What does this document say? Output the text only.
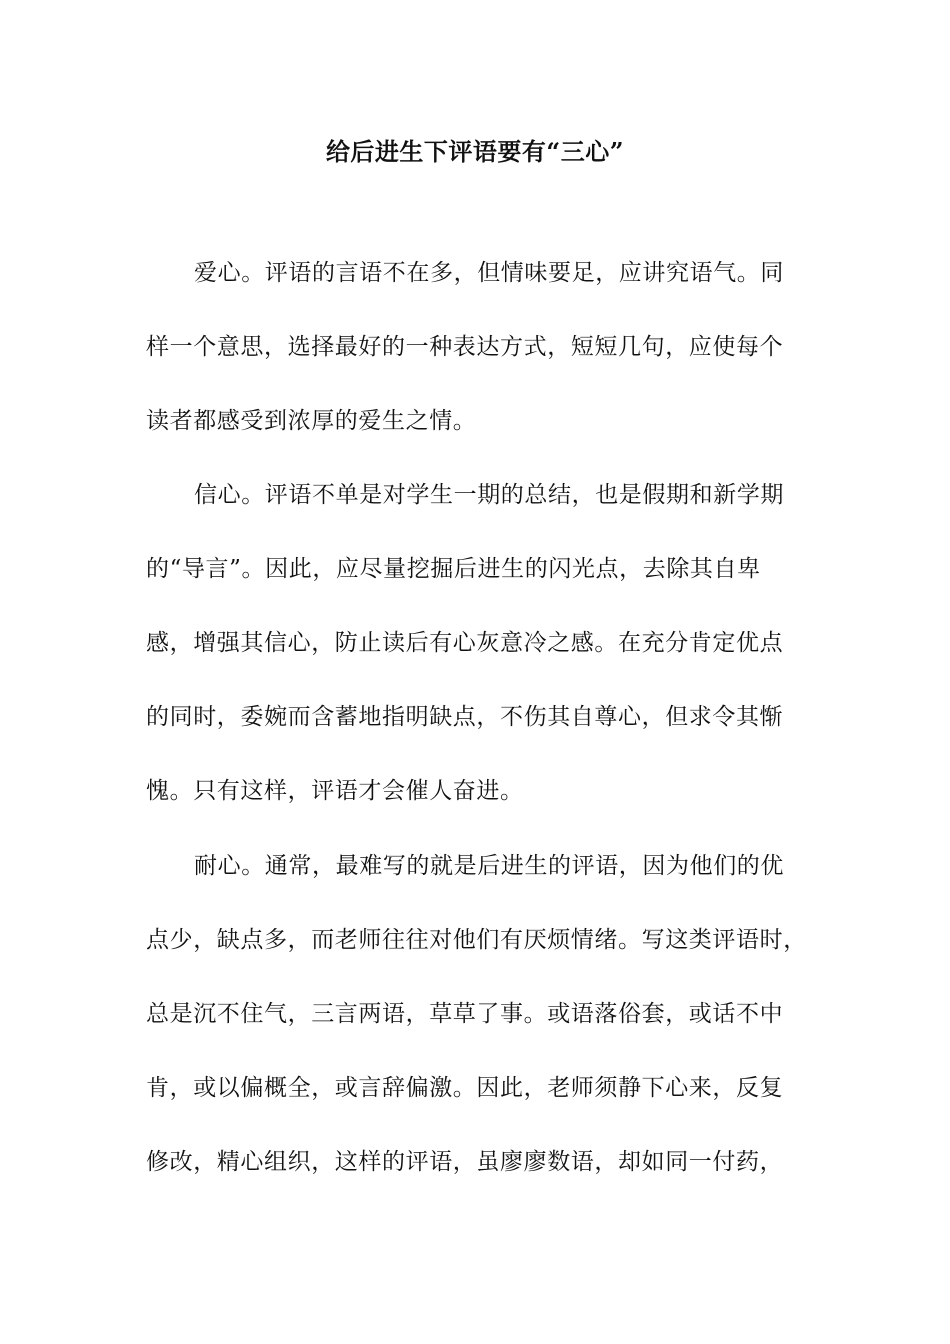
给后进生下评语要有“三心”
爱心。评语的言语不在多，但情味要足，应讲究语气。同
样一个意思，选择最好的一种表达方式，短短几句，应使每个
读者都感受到浓厚的爱生之情。
信心。评语不单是对学生一期的总结，也是假期和新学期
的“导言”。因此，应尽量挖掘后进生的闪光点，去除其自卑
感，增强其信心，防止读后有心灰意冷之感。在充分肯定优点
的同时，委婉而含蓄地指明缺点，不伤其自尊心，但求令其惭
愧。只有这样，评语才会催人奋进。
耐心。通常，最难写的就是后进生的评语，因为他们的优
点少，缺点多，而老师往往对他们有厌烦情绪。写这类评语时，
总是沉不住气，三言两语，草草了事。或语落俗套，或话不中
肯，或以偏概全，或言辞偏激。因此，老师须静下心来，反复
修改，精心组织，这样的评语，虽廖廖数语，却如同一付药，
